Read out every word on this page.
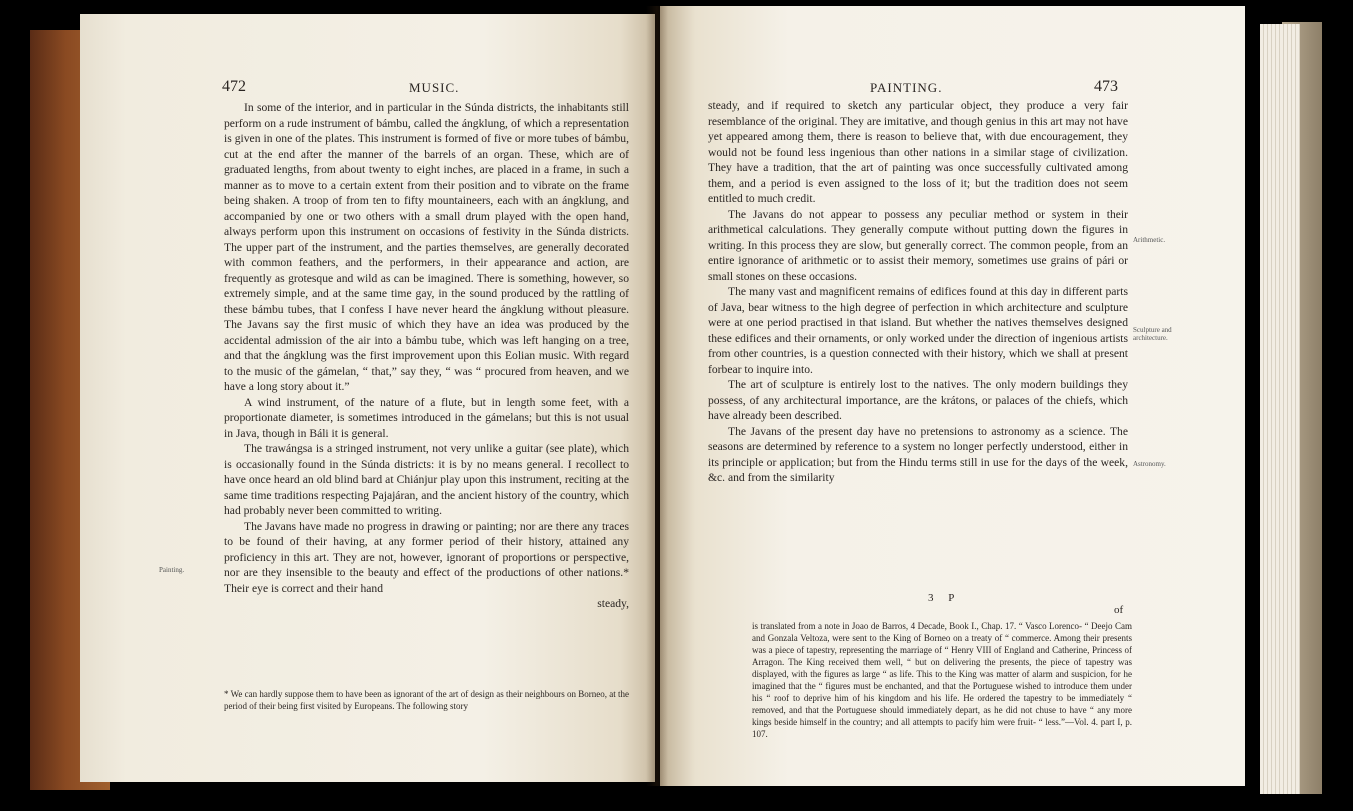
472	MUSIC.

In some of the interior, and in particular in the Súnda districts, the inhabitants still perform on a rude instrument of bámbu, called the ángklung, of which a representation is given in one of the plates. This instrument is formed of five or more tubes of bámbu, cut at the end after the manner of the barrels of an organ. These, which are of graduated lengths, from about twenty to eight inches, are placed in a frame, in such a manner as to move to a certain extent from their position and to vibrate on the frame being shaken. A troop of from ten to fifty mountaineers, each with an ángklung, and accompanied by one or two others with a small drum played with the open hand, always perform upon this instrument on occasions of festivity in the Súnda districts. The upper part of the instrument, and the parties themselves, are generally decorated with common feathers, and the performers, in their appearance and action, are frequently as grotesque and wild as can be imagined. There is something, however, so extremely simple, and at the same time gay, in the sound produced by the rattling of these bámbu tubes, that I confess I have never heard the ángklung without pleasure. The Javans say the first music of which they have an idea was produced by the accidental admission of the air into a bámbu tube, which was left hanging on a tree, and that the ángklung was the first improvement upon this Eolian music. With regard to the music of the gámelan, “ that,” say they, “ was “ procured from heaven, and we have a long story about it.”

A wind instrument, of the nature of a flute, but in length some feet, with a proportionate diameter, is sometimes introduced in the gámelans; but this is not usual in Java, though in Báli it is general.

The trawángsa is a stringed instrument, not very unlike a guitar (see plate), which is occasionally found in the Súnda districts: it is by no means general. I recollect to have once heard an old blind bard at Chiánjur play upon this instrument, reciting at the same time traditions respecting Pajajáran, and the ancient history of the country, which had probably never been committed to writing.

The Javans have made no progress in drawing or painting; nor are there any traces to be found of their having, at any former period of their history, attained any proficiency in this art. They are not, however, ignorant of proportions or perspective, nor are they insensible to the beauty and effect of the productions of other nations.* Their eye is correct and their hand

steady,

Painting.

* We can hardly suppose them to have been as ignorant of the art of design as their neighbours on Borneo, at the period of their being first visited by Europeans. The following story

PAINTING.	473

steady, and if required to sketch any particular object, they produce a very fair resemblance of the original. They are imitative, and though genius in this art may not have yet appeared among them, there is reason to believe that, with due encouragement, they would not be found less ingenious than other nations in a similar stage of civilization. They have a tradition, that the art of painting was once successfully cultivated among them, and a period is even assigned to the loss of it; but the tradition does not seem entitled to much credit.

The Javans do not appear to possess any peculiar method or system in their arithmetical calculations. They generally compute without putting down the figures in writing. In this process they are slow, but generally correct. The common people, from an entire ignorance of arithmetic or to assist their memory, sometimes use grains of pári or small stones on these occasions.

The many vast and magnificent remains of edifices found at this day in different parts of Java, bear witness to the high degree of perfection in which architecture and sculpture were at one period practised in that island. But whether the natives themselves designed these edifices and their ornaments, or only worked under the direction of ingenious artists from other countries, is a question connected with their history, which we shall at present forbear to inquire into.

The art of sculpture is entirely lost to the natives. The only modern buildings they possess, of any architectural importance, are the krátons, or palaces of the chiefs, which have already been described.

The Javans of the present day have no pretensions to astronomy as a science. The seasons are determined by reference to a system no longer perfectly understood, either in its principle or application; but from the Hindu terms still in use for the days of the week, &c. and from the similarity

Arithmetic.
Sculpture and architecture.
Astronomy.
3 P
of

is translated from a note in Joao de Barros, 4 Decade, Book I., Chap. 17. “ Vasco Lorenco- “ Deejo Cam and Gonzala Veltoza, were sent to the King of Borneo on a treaty of “ commerce. Among their presents was a piece of tapestry, representing the marriage of “ Henry VIII of England and Catherine, Princess of Arragon. The King received them well, “ but on delivering the presents, the piece of tapestry was displayed, with the figures as large “ as life. This to the King was matter of alarm and suspicion, for he imagined that the “ figures must be enchanted, and that the Portuguese wished to introduce them under his “ roof to deprive him of his kingdom and his life. He ordered the tapestry to be immediately “ removed, and that the Portuguese should immediately depart, as he did not chuse to have “ any more kings beside himself in the country; and all attempts to pacify him were fruit- “ less.”—Vol. 4. part I, p. 107.
